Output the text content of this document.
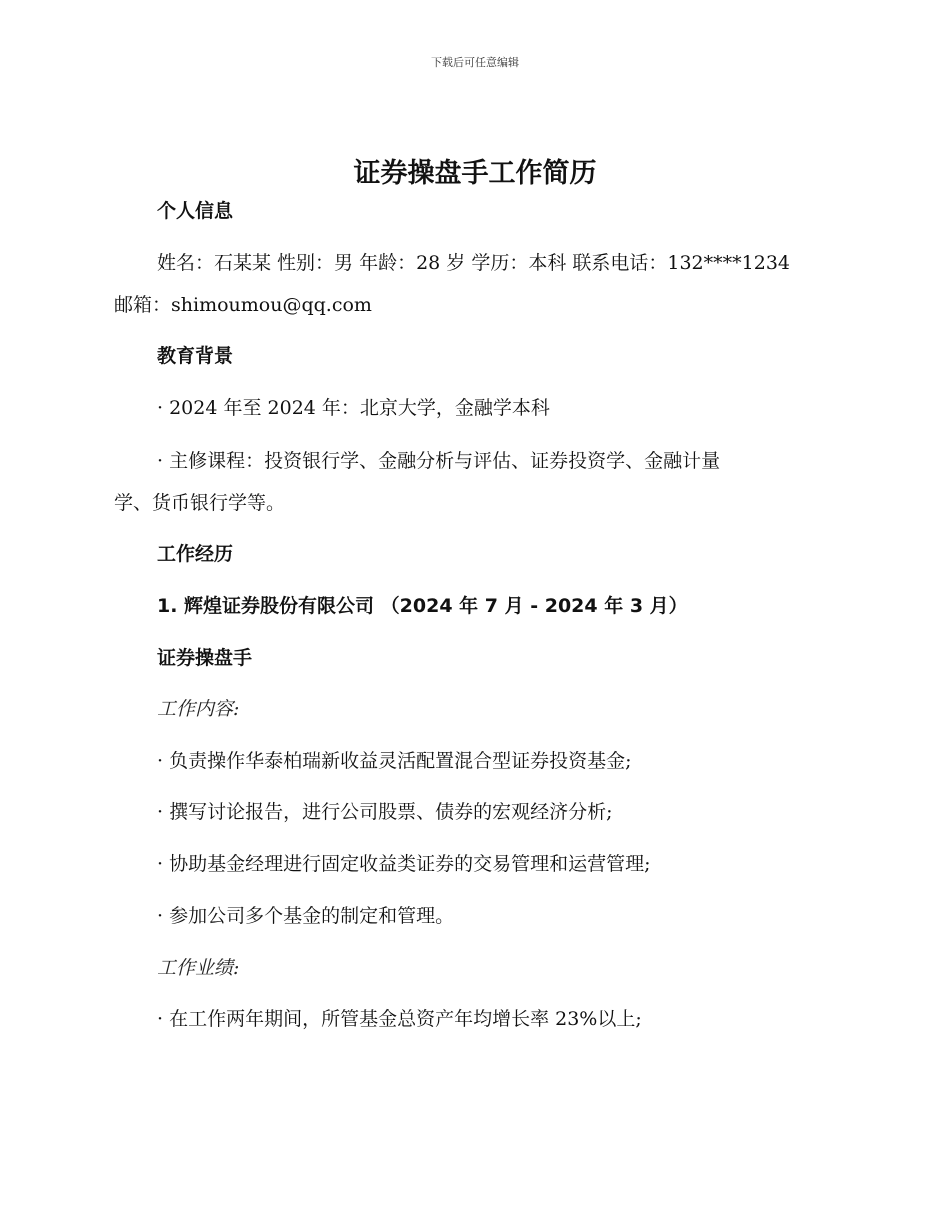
下载后可任意编辑
证券操盘手工作简历
个人信息
姓名：石某某 性别：男 年龄：28 岁 学历：本科 联系电话：132****1234
邮箱：shimoumou@qq.com
教育背景
· 2024 年至 2024 年：北京大学，金融学本科
· 主修课程：投资银行学、金融分析与评估、证券投资学、金融计量
学、货币银行学等。
工作经历
1. 辉煌证券股份有限公司 （2024 年 7 月 - 2024 年 3 月）
证券操盘手
工作内容:
· 负责操作华泰柏瑞新收益灵活配置混合型证券投资基金;
· 撰写讨论报告，进行公司股票、债券的宏观经济分析;
· 协助基金经理进行固定收益类证券的交易管理和运营管理;
· 参加公司多个基金的制定和管理。
工作业绩:
· 在工作两年期间，所管基金总资产年均增长率 23%以上;
